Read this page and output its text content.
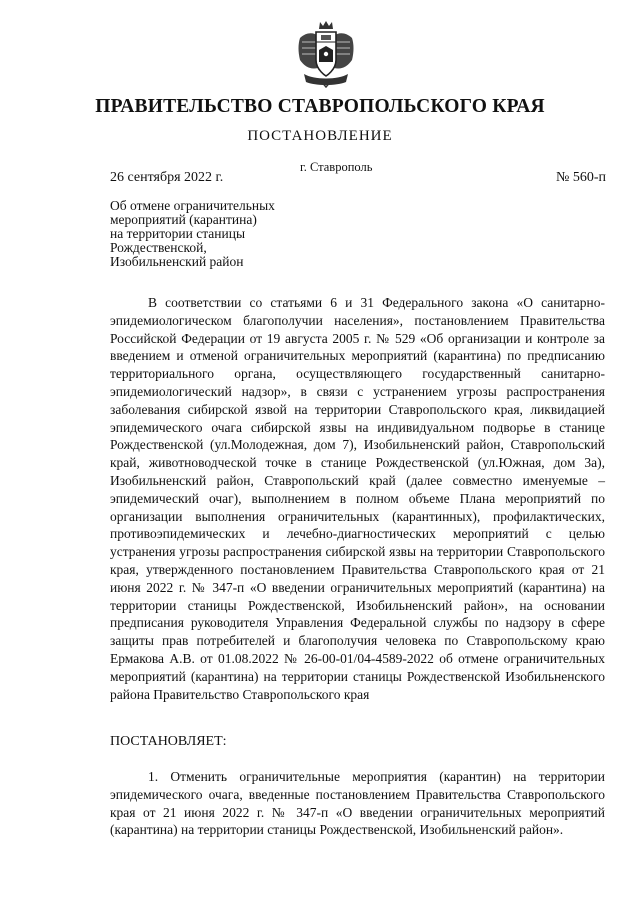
ПРАВИТЕЛЬСТВО СТАВРОПОЛЬСКОГО КРАЯ
ПОСТАНОВЛЕНИЕ
г. Ставрополь
26 сентября 2022 г.	№ 560-п
Об отмене ограничительных
мероприятий (карантина)
на территории станицы
Рождественской,
Изобильненский район

В соответствии со статьями 6 и 31 Федерального закона «О санитарно-эпидемиологическом благополучии населения», постановлением Правительства Российской Федерации от 19 августа 2005 г. № 529 «Об организации и контроле за введением и отменой ограничительных мероприятий (карантина) по предписанию территориального органа, осуществляющего государственный санитарно-эпидемиологический надзор», в связи с устранением угрозы распространения заболевания сибирской язвой на территории Ставропольского края, ликвидацией эпидемического очага сибирской язвы на индивидуальном подворье в станице Рождественской (ул.Молодежная, дом 7), Изобильненский район, Ставропольский край, животноводческой точке в станице Рождественской (ул.Южная, дом 3а), Изобильненский район, Ставропольский край (далее совместно именуемые – эпидемический очаг), выполнением в полном объеме Плана мероприятий по организации выполнения ограничительных (карантинных), профилактических, противоэпидемических и лечебно-диагностических мероприятий с целью устранения угрозы распространения сибирской язвы на территории Ставропольского края, утвержденного постановлением Правительства Ставропольского края от 21 июня 2022 г. № 347-п «О введении ограничительных мероприятий (карантина) на территории станицы Рождественской, Изобильненский район», на основании предписания руководителя Управления Федеральной службы по надзору в сфере защиты прав потребителей и благополучия человека по Ставропольскому краю Ермакова А.В. от 01.08.2022 № 26-00-01/04-4589-2022 об отмене ограничительных мероприятий (карантина) на территории станицы Рождественской Изобильненского района Правительство Ставропольского края

ПОСТАНОВЛЯЕТ:

1. Отменить ограничительные мероприятия (карантин) на территории эпидемического очага, введенные постановлением Правительства Ставропольского края от 21 июня 2022 г. № 347-п «О введении ограничительных мероприятий (карантина) на территории станицы Рождественской, Изобильненский район».
